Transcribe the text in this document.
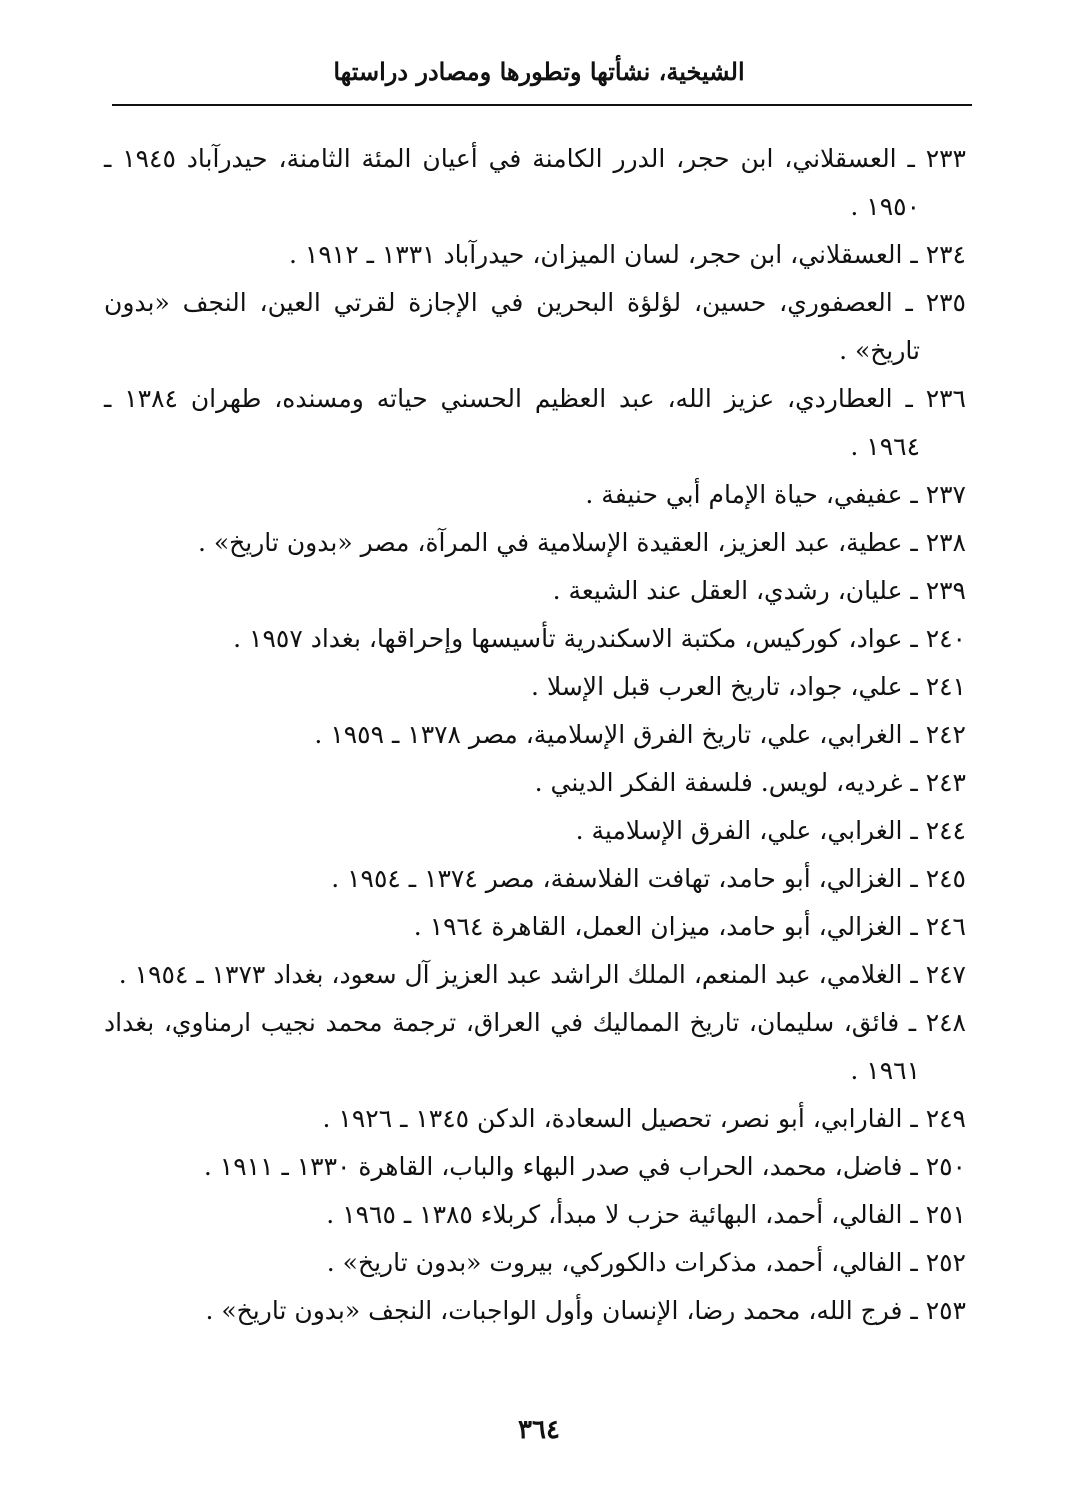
الشيخية، نشأتها وتطورها ومصادر دراستها

٢٣٣ ـ العسقلاني، ابن حجر، الدرر الكامنة في أعيان المئة الثامنة، حيدرآباد ١٩٤٥ ـ ١٩٥٠ .

٢٣٤ ـ العسقلاني، ابن حجر، لسان الميزان، حيدرآباد ١٣٣١ ـ ١٩١٢ .

٢٣٥ ـ العصفوري، حسين، لؤلؤة البحرين في الإجازة لقرتي العين، النجف «بدون تاريخ» .

٢٣٦ ـ العطاردي، عزيز الله، عبد العظيم الحسني حياته ومسنده، طهران ١٣٨٤ ـ ١٩٦٤ .

٢٣٧ ـ عفيفي، حياة الإمام أبي حنيفة .

٢٣٨ ـ عطية، عبد العزيز، العقيدة الإسلامية في المرآة، مصر «بدون تاريخ» .

٢٣٩ ـ عليان، رشدي، العقل عند الشيعة .

٢٤٠ ـ عواد، كوركيس، مكتبة الاسكندرية تأسيسها وإحراقها، بغداد ١٩٥٧ .

٢٤١ ـ علي، جواد، تاريخ العرب قبل الإسلا .

٢٤٢ ـ الغرابي، علي، تاريخ الفرق الإسلامية، مصر ١٣٧٨ ـ ١٩٥٩ .

٢٤٣ ـ غرديه، لويس. فلسفة الفكر الديني .

٢٤٤ ـ الغرابي، علي، الفرق الإسلامية .

٢٤٥ ـ الغزالي، أبو حامد، تهافت الفلاسفة، مصر ١٣٧٤ ـ ١٩٥٤ .

٢٤٦ ـ الغزالي، أبو حامد، ميزان العمل، القاهرة ١٩٦٤ .

٢٤٧ ـ الغلامي، عبد المنعم، الملك الراشد عبد العزيز آل سعود، بغداد ١٣٧٣ ـ ١٩٥٤ .

٢٤٨ ـ فائق، سليمان، تاريخ المماليك في العراق، ترجمة محمد نجيب ارمناوي، بغداد ١٩٦١ .

٢٤٩ ـ الفارابي، أبو نصر، تحصيل السعادة، الدكن ١٣٤٥ ـ ١٩٢٦ .

٢٥٠ ـ فاضل، محمد، الحراب في صدر البهاء والباب، القاهرة ١٣٣٠ ـ ١٩١١ .

٢٥١ ـ الفالي، أحمد، البهائية حزب لا مبدأ، كربلاء ١٣٨٥ ـ ١٩٦٥ .

٢٥٢ ـ الفالي، أحمد، مذكرات دالكوركي، بيروت «بدون تاريخ» .

٢٥٣ ـ فرج الله، محمد رضا، الإنسان وأول الواجبات، النجف «بدون تاريخ» .

٣٦٤
